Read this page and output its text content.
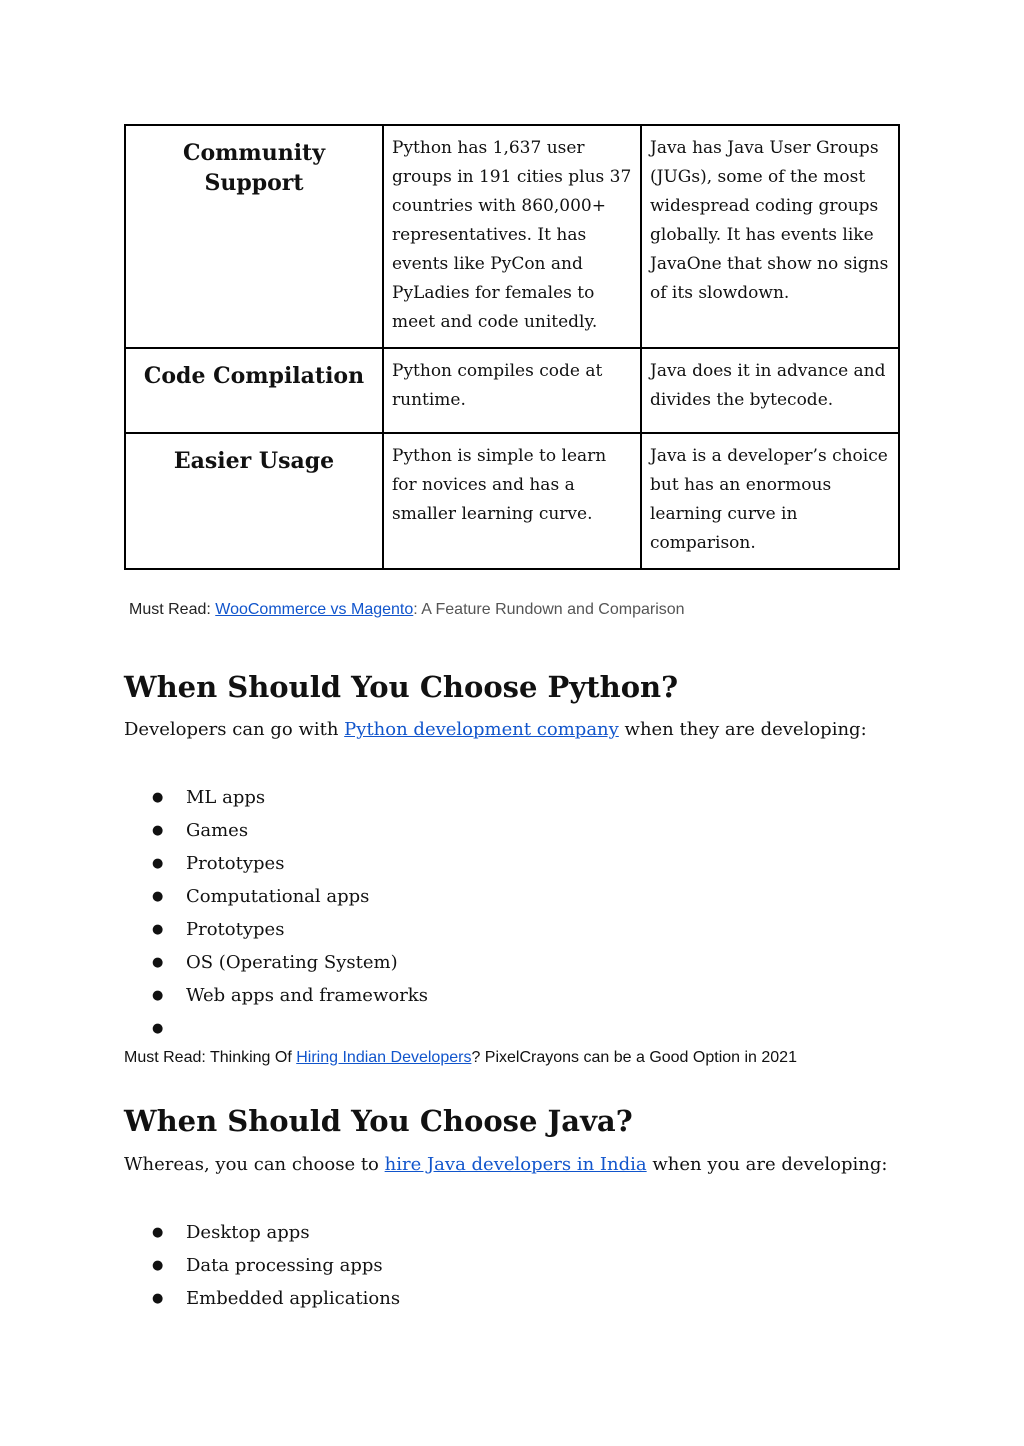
Community Support	Python has 1,637 user groups in 191 cities plus 37 countries with 860,000+ representatives. It has events like PyCon and PyLadies for females to meet and code unitedly.	Java has Java User Groups (JUGs), some of the most widespread coding groups globally. It has events like JavaOne that show no signs of its slowdown.
Code Compilation	Python compiles code at runtime.	Java does it in advance and divides the bytecode.
Easier Usage	Python is simple to learn for novices and has a smaller learning curve.	Java is a developer’s choice but has an enormous learning curve in comparison.
Must Read: WooCommerce vs Magento: A Feature Rundown and Comparison
When Should You Choose Python?
Developers can go with Python development company when they are developing:
●	ML apps
●	Games
●	Prototypes
●	Computational apps
●	Prototypes
●	OS (Operating System)
●	Web apps and frameworks
●
Must Read: Thinking Of Hiring Indian Developers? PixelCrayons can be a Good Option in 2021
When Should You Choose Java?
Whereas, you can choose to hire Java developers in India when you are developing:
●	Desktop apps
●	Data processing apps
●	Embedded applications
